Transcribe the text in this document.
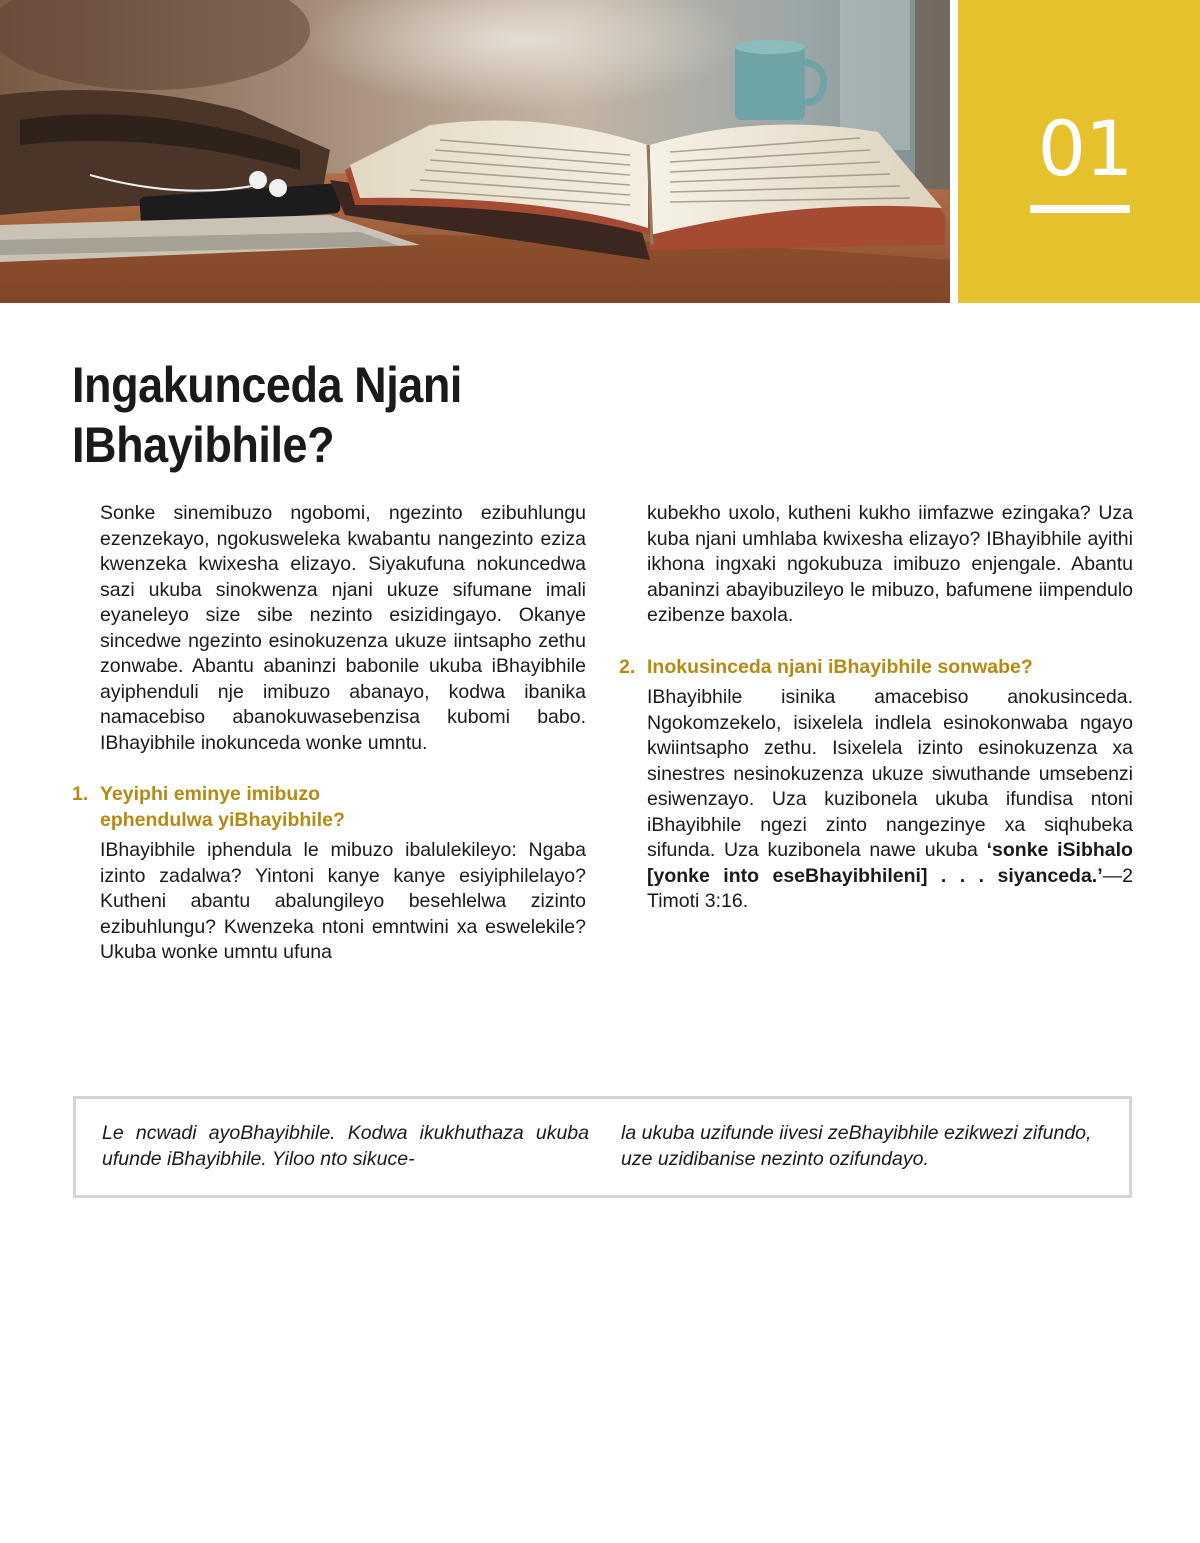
01
Ingakunceda Njani IBhayibhile?

Sonke sinemibuzo ngobomi, ngezinto ezibuhlungu ezenzekayo, ngokusweleka kwabantu nangezinto eziza kwenzeka kwixesha elizayo. Siyakufuna nokuncedwa sazi ukuba sinokwenza njani ukuze sifumane imali eyaneleyo size sibe nezinto esizidingayo. Okanye sincedwe ngezinto esinokuzenza ukuze iintsapho zethu zonwabe. Abantu abaninzi babonile ukuba iBhayibhile ayiphenduli nje imibuzo abanayo, kodwa ibanika namacebiso abanokuwasebenzisa kubomi babo. IBhayibhile inokunceda wonke umntu.

1. Yeyiphi eminye imibuzo
ephendulwa yiBhayibhile?

IBhayibhile iphendula le mibuzo ibalulekileyo: Ngaba izinto zadalwa? Yintoni kanye kanye esiyiphilelayo? Kutheni abantu abalungileyo besehlelwa zizinto ezibuhlungu? Kwenzeka ntoni emntwini xa eswelekile? Ukuba wonke umntu ufuna

kubekho uxolo, kutheni kukho iimfazwe ezingaka? Uza kuba njani umhlaba kwixesha elizayo? IBhayibhile ayithi ikhona ingxaki ngokubuza imibuzo enjengale. Abantu abaninzi abayibuzileyo le mibuzo, bafumene iimpendulo ezibenze baxola.

2. Inokusinceda njani iBhayibhile sonwabe?

IBhayibhile isinika amacebiso anokusinceda. Ngokomzekelo, isixelela indlela esinokonwaba ngayo kwiintsapho zethu. Isixelela izinto esinokuzenza xa sinestres nesinokuzenza ukuze siwuthande umsebenzi esiwenzayo. Uza kuzibonela ukuba ifundisa ntoni iBhayibhile ngezi zinto nangezinye xa siqhubeka sifunda. Uza kuzibonela nawe ukuba ‘sonke iSibhalo [yonke into eseBhayibhileni] . . . siyanceda.’—2 Timoti 3:16.

Le ncwadi ayoBhayibhile. Kodwa ikukhuthaza ukuba ufunde iBhayibhile. Yiloo nto sikuce-

la ukuba uzifunde iivesi zeBhayibhile ezikwezi zifundo, uze uzidibanise nezinto ozifundayo.
